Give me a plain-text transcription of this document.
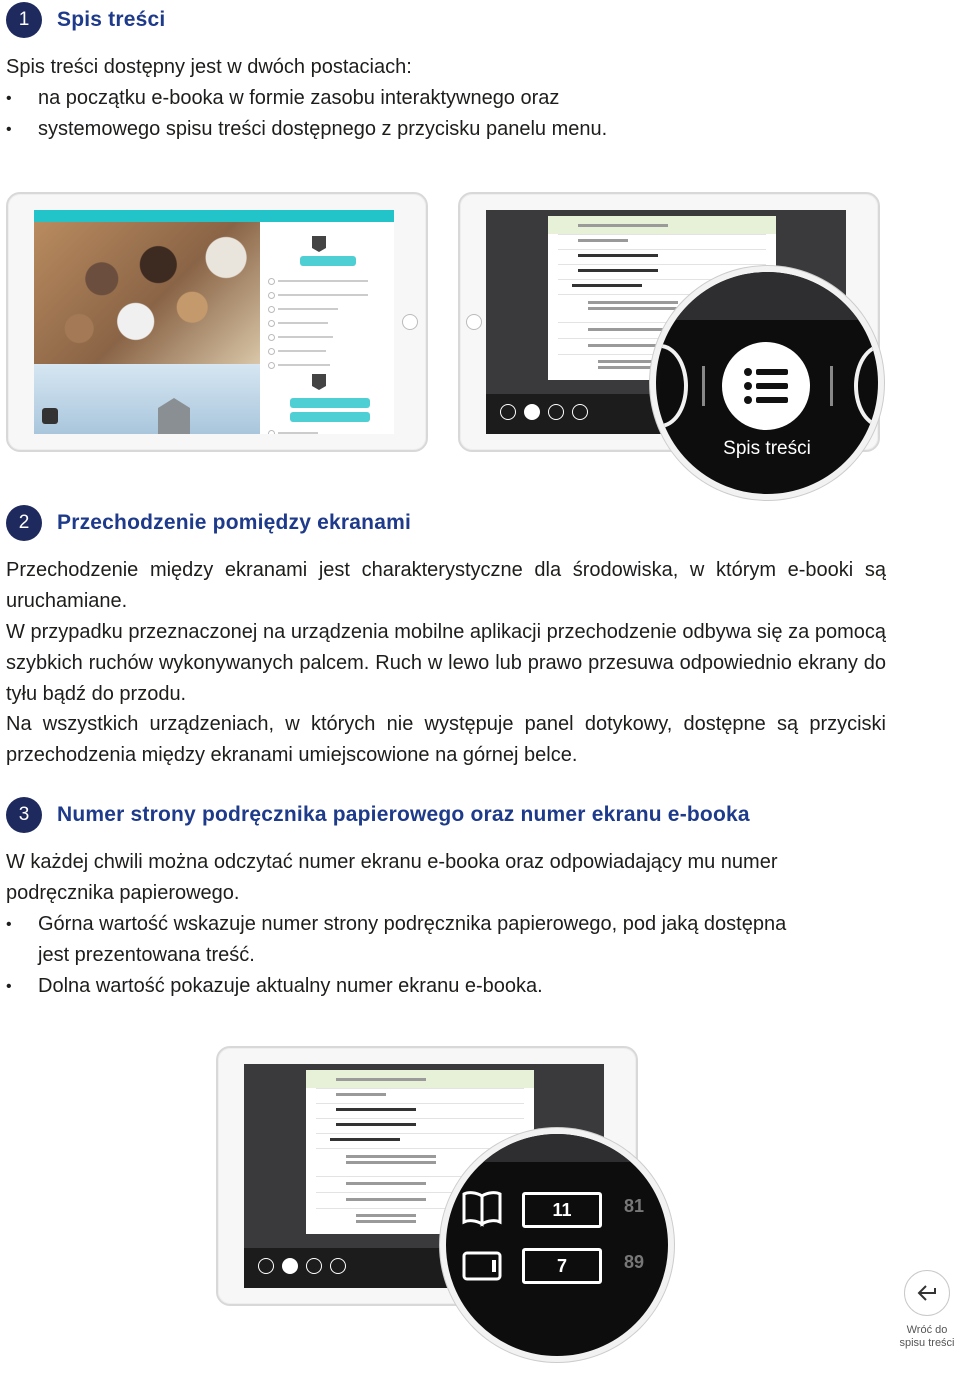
1	Spis treści

Spis treści dostępny jest w dwóch postaciach:

• na początku e-booka w formie zasobu interaktywnego oraz
• systemowego spisu treści dostępnego z przycisku panelu menu.
Spis treści
2	Przechodzenie pomiędzy ekranami

Przechodzenie między ekranami jest charakterystyczne dla środowiska, w którym e-booki są uruchamiane.

W przypadku przeznaczonej na urządzenia mobilne aplikacji przechodzenie odbywa się za pomocą szybkich ruchów wykonywanych palcem. Ruch w lewo lub prawo przesuwa odpowiednio ekrany do tyłu bądź do przodu.

Na wszystkich urządzeniach, w których nie występuje panel dotykowy, dostępne są przyciski przechodzenia między ekranami umiejscowione na górnej belce.

3	Numer strony podręcznika papierowego oraz numer ekranu e-booka

W każdej chwili można odczytać numer ekranu e-booka oraz odpowiadający mu numer podręcznika papierowego.

• Górna wartość wskazuje numer strony podręcznika papierowego, pod jaką dostępna jest prezentowana treść.
• Dolna wartość pokazuje aktualny numer ekranu e-booka.
11	81
7	89
Wróć do
spisu treści
